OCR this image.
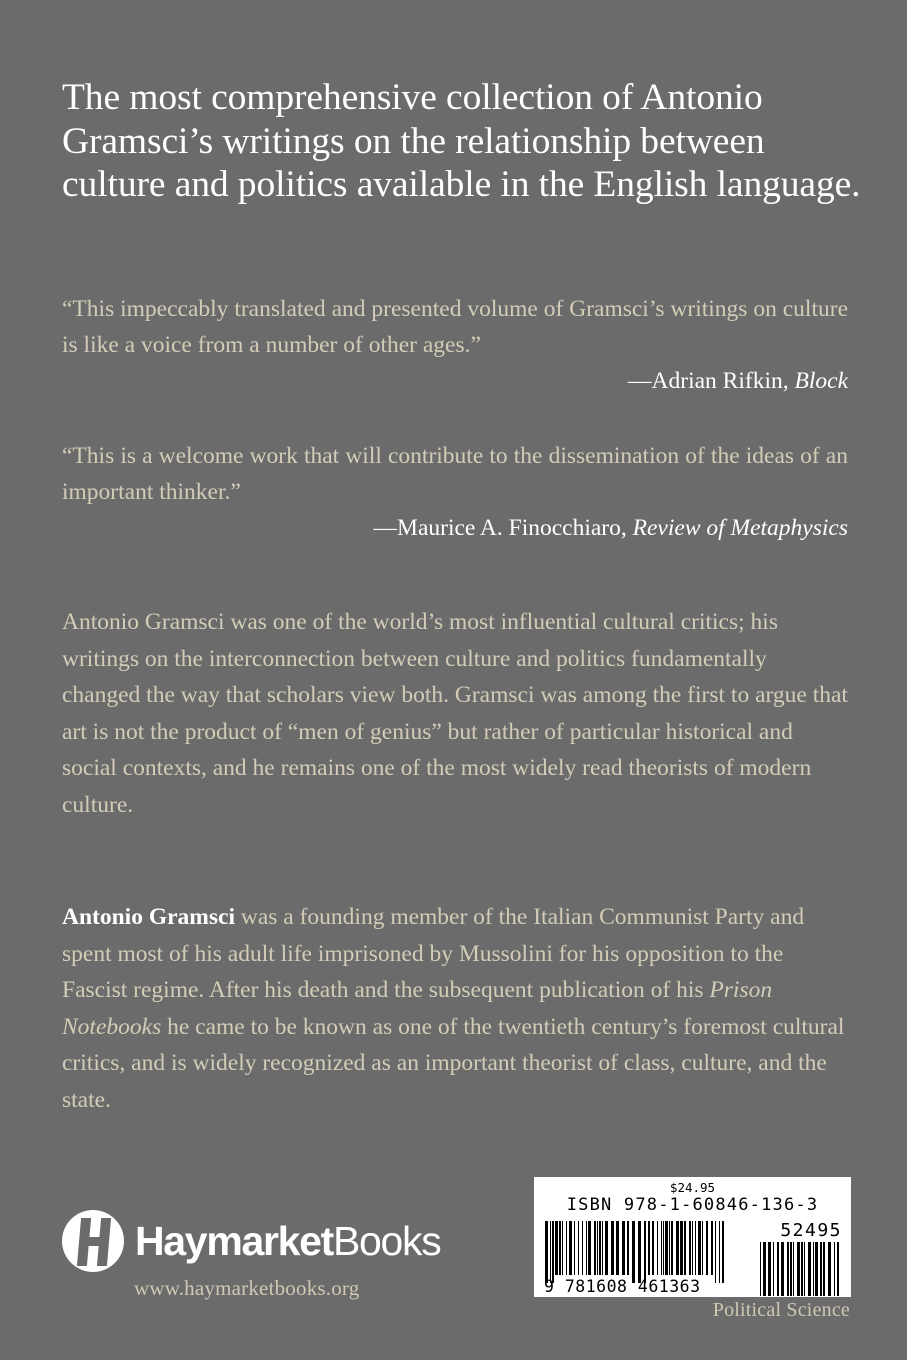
The most comprehensive collection of Antonio Gramsci’s writings on the relationship between culture and politics available in the English language.
“This impeccably translated and presented volume of Gramsci’s writings on culture is like a voice from a number of other ages.”
—Adrian Rifkin, Block
“This is a welcome work that will contribute to the dissemination of the ideas of an important thinker.”
—Maurice A. Finocchiaro, Review of Metaphysics
Antonio Gramsci was one of the world’s most influential cultural critics; his writings on the interconnection between culture and politics fundamentally changed the way that scholars view both. Gramsci was among the first to argue that art is not the product of “men of genius” but rather of particular historical and social contexts, and he remains one of the most widely read theorists of modern culture.
Antonio Gramsci was a founding member of the Italian Communist Party and spent most of his adult life imprisoned by Mussolini for his opposition to the Fascist regime. After his death and the subsequent publication of his Prison Notebooks he came to be known as one of the twentieth century’s foremost cultural critics, and is widely recognized as an important theorist of class, culture, and the state.
HaymarketBooks
www.haymarketbooks.org
$24.95
ISBN 978-1-60846-136-3
9 781608 461363
52495
Political Science
